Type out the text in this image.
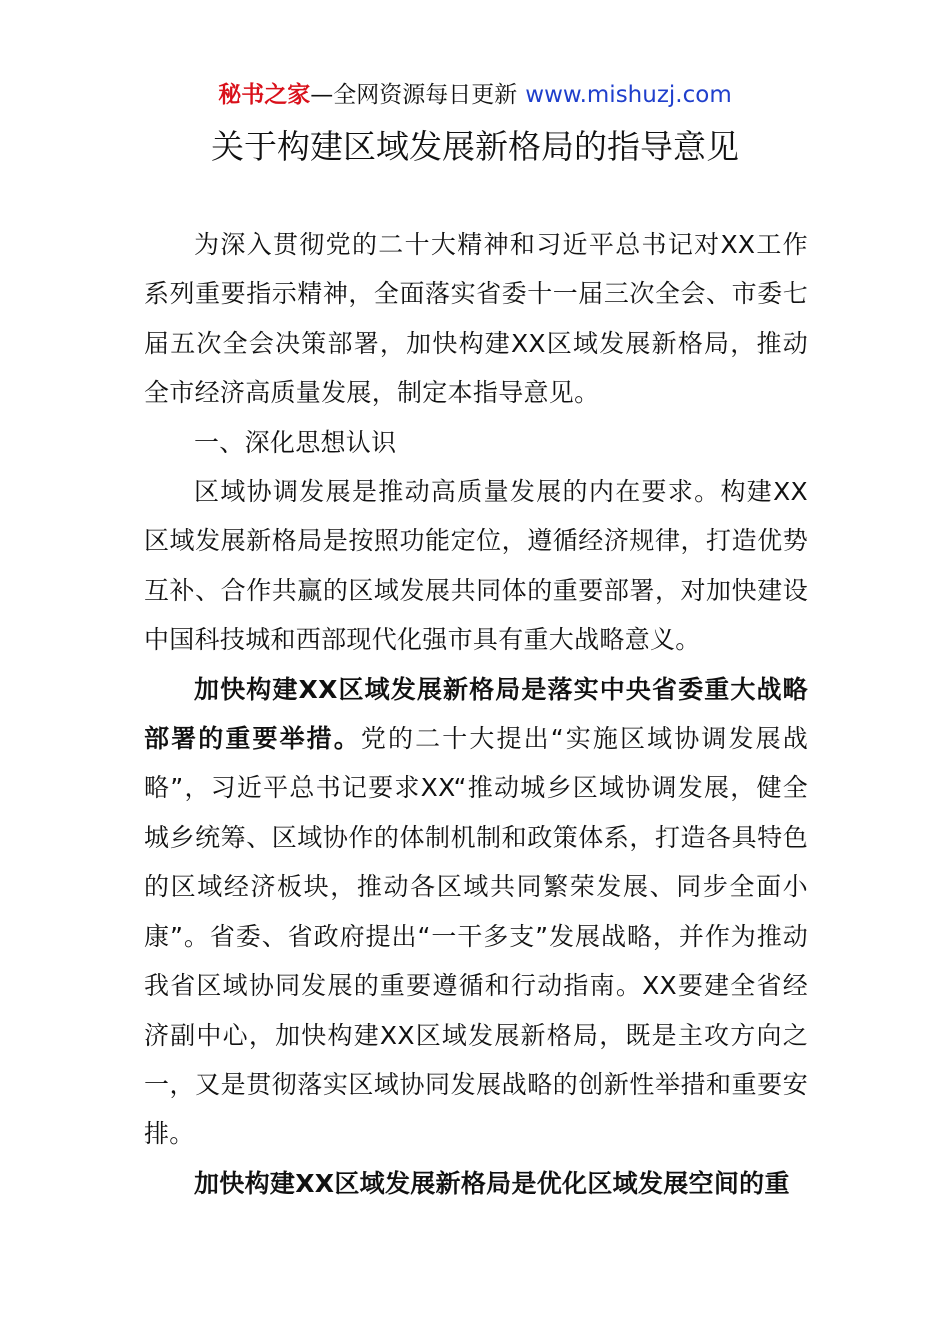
秘书之家—全网资源每日更新 www.mishuzj.com
关于构建区域发展新格局的指导意见

为深入贯彻党的二十大精神和习近平总书记对XX工作系列重要指示精神，全面落实省委十一届三次全会、市委七届五次全会决策部署，加快构建XX区域发展新格局，推动全市经济高质量发展，制定本指导意见。

一、深化思想认识

区域协调发展是推动高质量发展的内在要求。构建XX区域发展新格局是按照功能定位，遵循经济规律，打造优势互补、合作共赢的区域发展共同体的重要部署，对加快建设中国科技城和西部现代化强市具有重大战略意义。

加快构建XX区域发展新格局是落实中央省委重大战略部署的重要举措。党的二十大提出“实施区域协调发展战略”，习近平总书记要求XX“推动城乡区域协调发展，健全城乡统筹、区域协作的体制机制和政策体系，打造各具特色的区域经济板块，推动各区域共同繁荣发展、同步全面小康”。省委、省政府提出“一干多支”发展战略，并作为推动我省区域协同发展的重要遵循和行动指南。XX要建全省经济副中心，加快构建XX区域发展新格局，既是主攻方向之一，又是贯彻落实区域协同发展战略的创新性举措和重要安排。

加快构建XX区域发展新格局是优化区域发展空间的重
